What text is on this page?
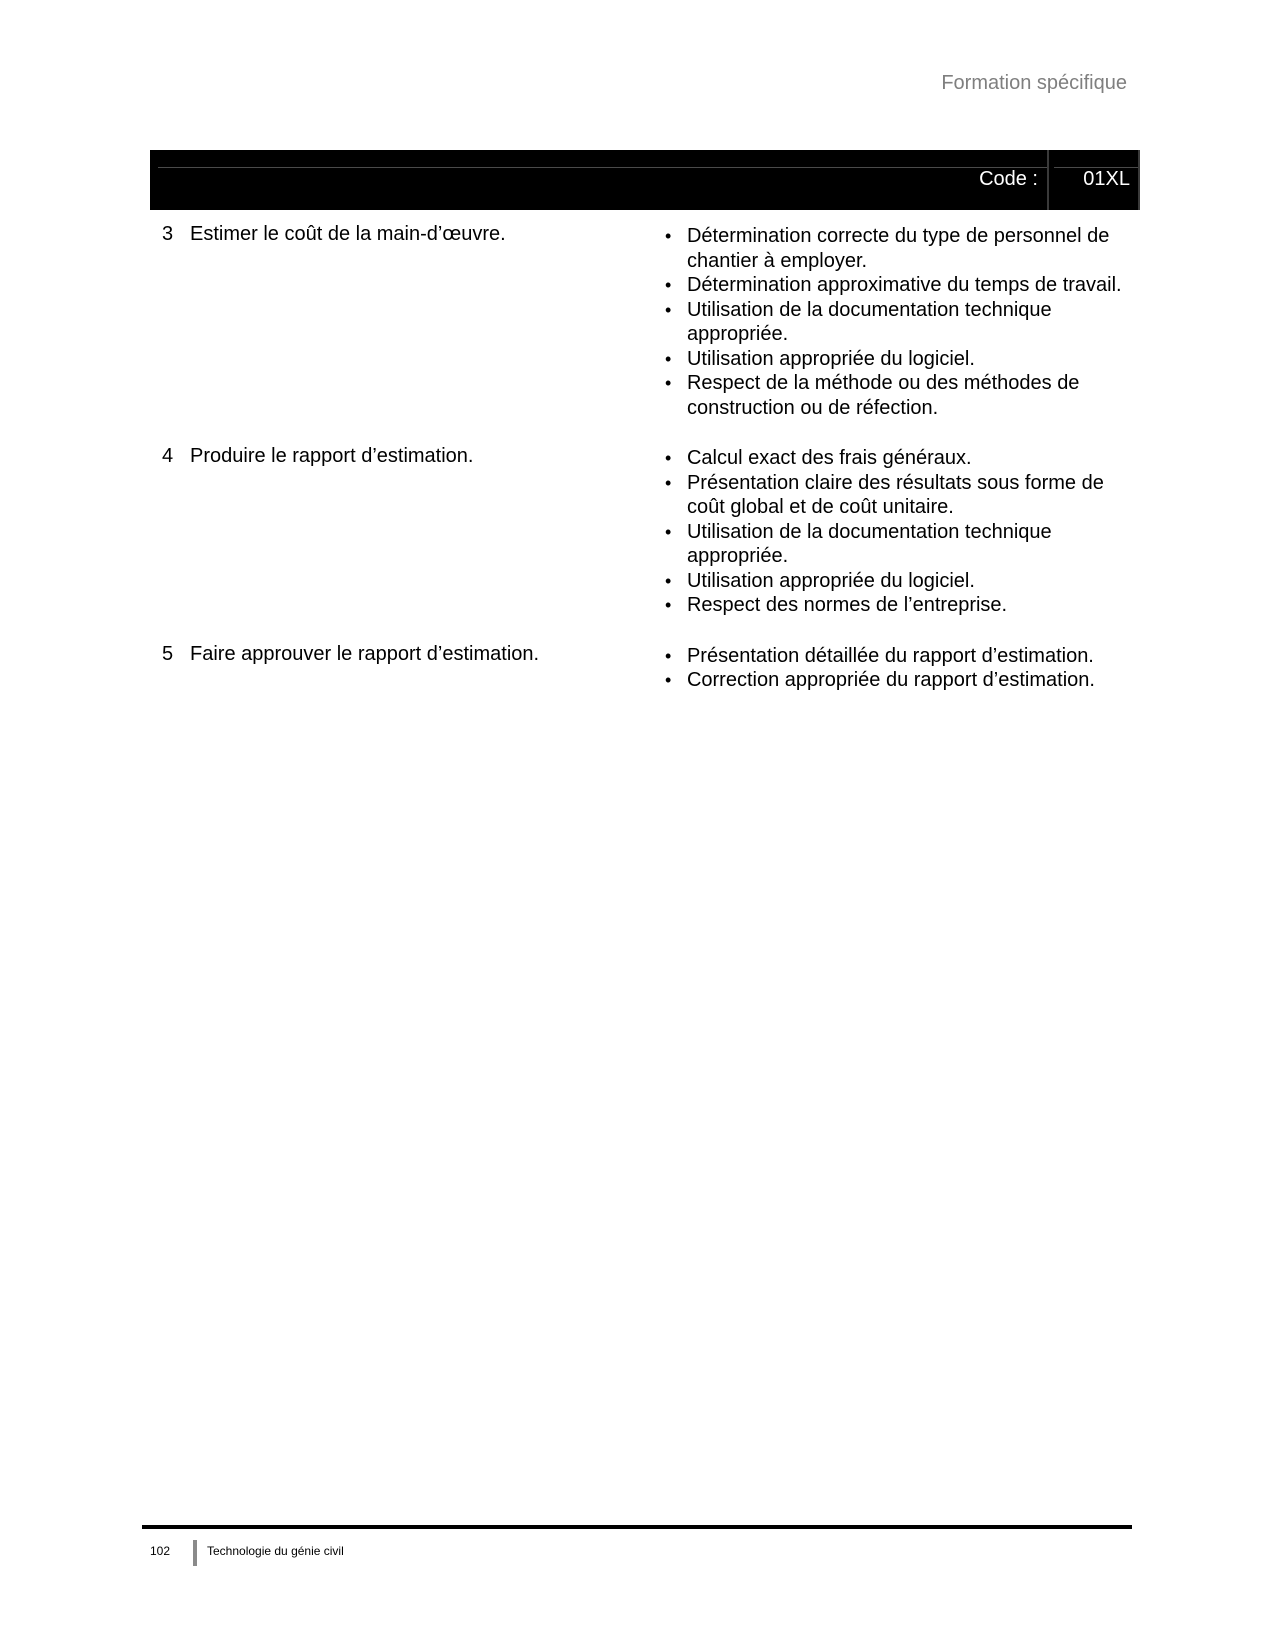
Formation spécifique
Code : 01XL
3 Estimer le coût de la main-d’œuvre.	• Détermination correcte du type de personnel de chantier à employer.
• Détermination approximative du temps de travail.
• Utilisation de la documentation technique appropriée.
• Utilisation appropriée du logiciel.
• Respect de la méthode ou des méthodes de construction ou de réfection.
4 Produire le rapport d’estimation.	• Calcul exact des frais généraux.
• Présentation claire des résultats sous forme de coût global et de coût unitaire.
• Utilisation de la documentation technique appropriée.
• Utilisation appropriée du logiciel.
• Respect des normes de l’entreprise.
5 Faire approuver le rapport d’estimation.	• Présentation détaillée du rapport d’estimation.
• Correction appropriée du rapport d’estimation.
102	Technologie du génie civil
